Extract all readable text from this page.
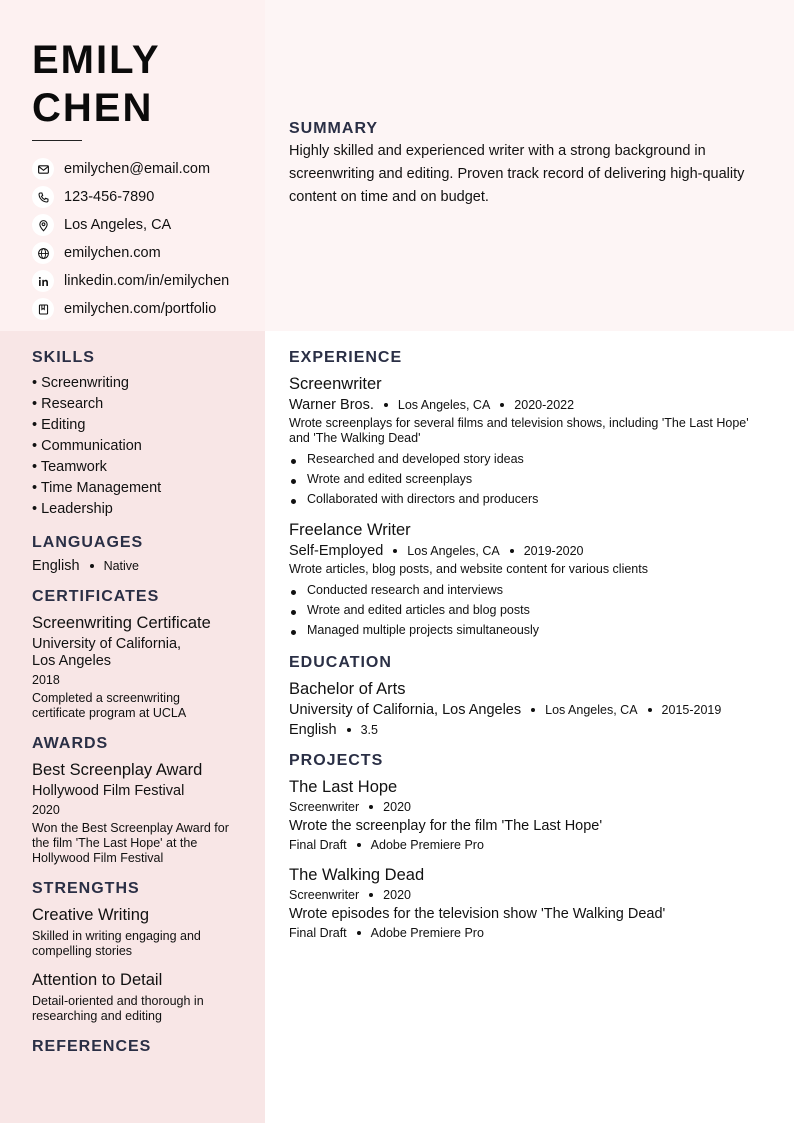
EMILY
CHEN
emilychen@email.com
123-456-7890
Los Angeles, CA
emilychen.com
linkedin.com/in/emilychen
emilychen.com/portfolio
SUMMARY
Highly skilled and experienced writer with a strong background in screenwriting and editing. Proven track record of delivering high-quality content on time and on budget.
SKILLS
• Screenwriting
• Research
• Editing
• Communication
• Teamwork
• Time Management
• Leadership
LANGUAGES
English Native
CERTIFICATES
Screenwriting Certificate
University of California, Los Angeles
2018
Completed a screenwriting certificate program at UCLA
AWARDS
Best Screenplay Award
Hollywood Film Festival
2020
Won the Best Screenplay Award for the film 'The Last Hope' at the Hollywood Film Festival
STRENGTHS
Creative Writing
Skilled in writing engaging and compelling stories
Attention to Detail
Detail-oriented and thorough in researching and editing
REFERENCES
EXPERIENCE
Screenwriter
Warner Bros. Los Angeles, CA 2020-2022
Wrote screenplays for several films and television shows, including 'The Last Hope' and 'The Walking Dead'
Researched and developed story ideas
Wrote and edited screenplays
Collaborated with directors and producers
Freelance Writer
Self-Employed Los Angeles, CA 2019-2020
Wrote articles, blog posts, and website content for various clients
Conducted research and interviews
Wrote and edited articles and blog posts
Managed multiple projects simultaneously
EDUCATION
Bachelor of Arts
University of California, Los Angeles Los Angeles, CA 2015-2019
English 3.5
PROJECTS
The Last Hope
Screenwriter 2020
Wrote the screenplay for the film 'The Last Hope'
Final Draft Adobe Premiere Pro
The Walking Dead
Screenwriter 2020
Wrote episodes for the television show 'The Walking Dead'
Final Draft Adobe Premiere Pro
